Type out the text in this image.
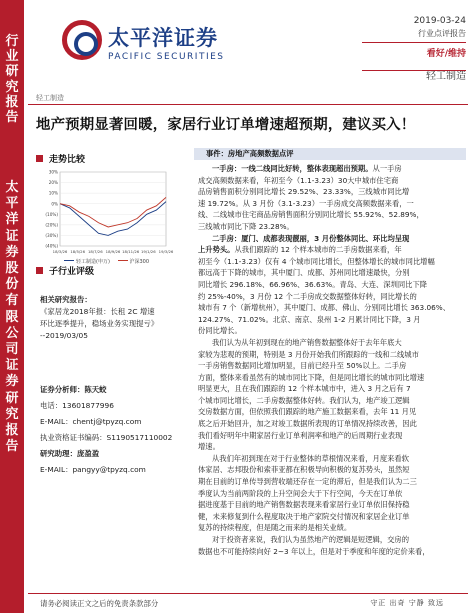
行
业
研
究
报
告
太
平
洋
证
券
股
份
有
限
公
司
证
券
研
究
报
告
太平洋证券
PACIFIC SECURITIES
2019-03-24
行业点评报告
看好/维持
轻工制造
轻工制造
地产预期显著回暖，家居行业订单增速超预期，建议买入！
走势比较
30%
20%
10%
0%
(10%)
(20%)
(30%)
(40%)
18/3/26 18/5/26 18/7/26 18/9/26 18/11/26 19/1/26 19/3/26
轻工制造(申万)	沪深300
子行业评级
相关研究报告：
《家居龙2018年报：长租 2C 增速
环比逐季提升，稳场业务实现提亏》
--2019/03/05
证券分析师：陈天蛟
电话：13601877996
E-MAIL：chentj@tpyzq.com
执业资格证书编码：S1190517110002
研究助理：庞盈盈
E-MAIL：pangyy@tpyzq.com
事件：房地产高频数据点评

一手房：一线二线同比好转，整体表现超出预期。从一手房

成交高频数据来看，年初至今（1.1-3.23）30大中城市住宅商

品房销售面积分别同比增长 29.52%、23.33%，三线城市同比增

速 19.72%。从 3 月份（3.1-3.23）一手房成交高频数据来看，一

线、二线城市住宅商品房销售面积分别同比增长 55.92%、52.89%，

三线城市同比下降 23.28%。

二手房：厦门、成都表现靓丽，3 月份整体同比、环比均呈现

上升势头。从我们跟踪的 12 个样本城市的二手房数据来看，年

初至今（1.1-3.23）仅有 4 个城市同比增长，但整体增长的城市同比增幅

都远高于下降的城市，其中厦门、成都、苏州同比增速最快，分别

同比增长 296.18%、66.96%、36.63%。青岛、大连、深圳同比下降

约 25%-40%，3 月份 12 个二手房成交数据整体好转，同比增长的

城市有 7 个（新增杭州），其中厦门、成都、佛山、分别同比增长 363.06%、

124.27%、71.02%。北京、南京、泉州 1-2 月累计同比下降，3 月

份同比增长。

我们认为从年初到现在的地产销售数据整体好于去年年底大

家较为悲观的预期，特别是 3 月份开始我们所跟踪的一线和二线城市

一手房销售数据同比增加明显，目前已经升至 50%以上。二手房

方面，整体来看虽然有的城市同比下降，但是同比增长的城市同比增速

明显更大，且在我们跟踪的 12 个样本城市中，进入 3 月之后有 7

个城市同比增长，二手房数据整体好转。我们认为，地产竣工逻辑

交房数据方面，但依照我们跟踪的地产施工数据来看，去年 11 月见

底之后开始回升，加之对竣工数据所表现的订单情况持续改善，因此

我们看好明年中期家居行业订单利润率和地产的后周期行业表现

增速。

从我们年初到现在对于行业整体的草根情况来看，月度来看软

体家居、志邦股份和索菲亚都在积极导向积极的复苏势头，虽然短

期在目前的订单传导到营收端还存在一定的滞后，但是我们认为二三

季度认为当前两阶段的上升空间会大于下行空间，今天在订单依

据进度基于目前的地产销售数据表现来看家居行业订单依旧保持稳

健，未来修复到什么程度取决于地产家院交付情况和家居企业订单

复苏的持续程度，但是随之而来的是相关业绩。

对于投资者来说，我们认为虽然地产的逻辑是短逻辑，交房的

数据也不可能持续向好 2~3 年以上，但是对于季度和年度的定价来看，

请务必阅读正文之后的免责条款部分	守正 出奇 宁静 致远
